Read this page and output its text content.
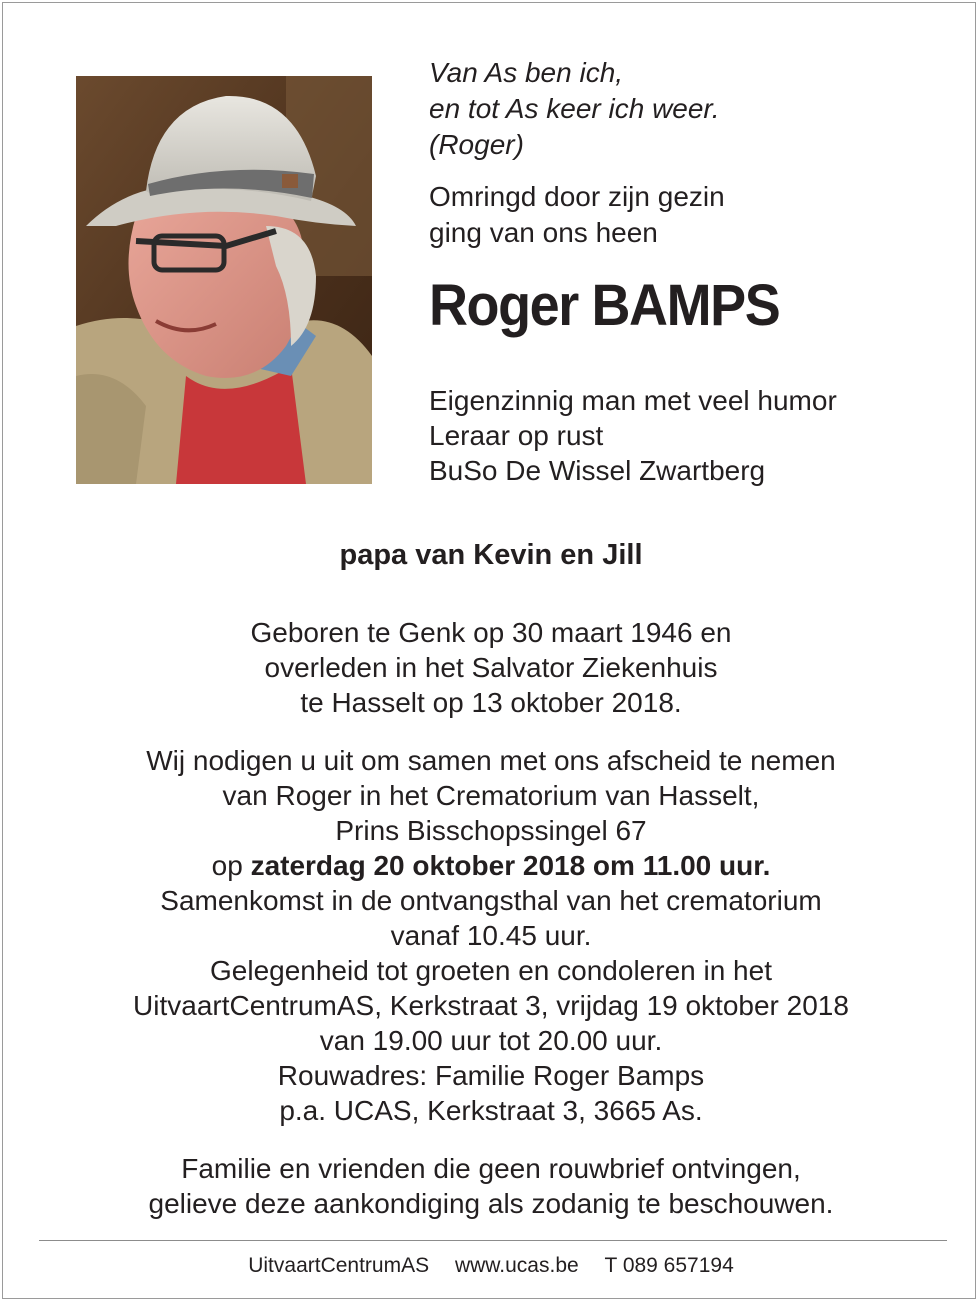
Van As ben ich,
en tot As keer ich weer.
(Roger)
Omringd door zijn gezin
ging van ons heen
Roger BAMPS
Eigenzinnig man met veel humor
Leraar op rust
BuSo De Wissel Zwartberg
papa van Kevin en Jill
Geboren te Genk op 30 maart 1946 en
overleden in het Salvator Ziekenhuis
te Hasselt op 13 oktober 2018.
Wij nodigen u uit om samen met ons afscheid te nemen
van Roger in het Crematorium van Hasselt,
Prins Bisschopssingel 67
op zaterdag 20 oktober 2018 om 11.00 uur.
Samenkomst in de ontvangsthal van het crematorium
vanaf 10.45 uur.
Gelegenheid tot groeten en condoleren in het
UitvaartCentrumAS, Kerkstraat 3, vrijdag 19 oktober 2018
van 19.00 uur tot 20.00 uur.
Rouwadres: Familie Roger Bamps
p.a. UCAS, Kerkstraat 3, 3665 As.
Familie en vrienden die geen rouwbrief ontvingen,
gelieve deze aankondiging als zodanig te beschouwen.
UitvaartCentrumAS www.ucas.be T 089 657194
